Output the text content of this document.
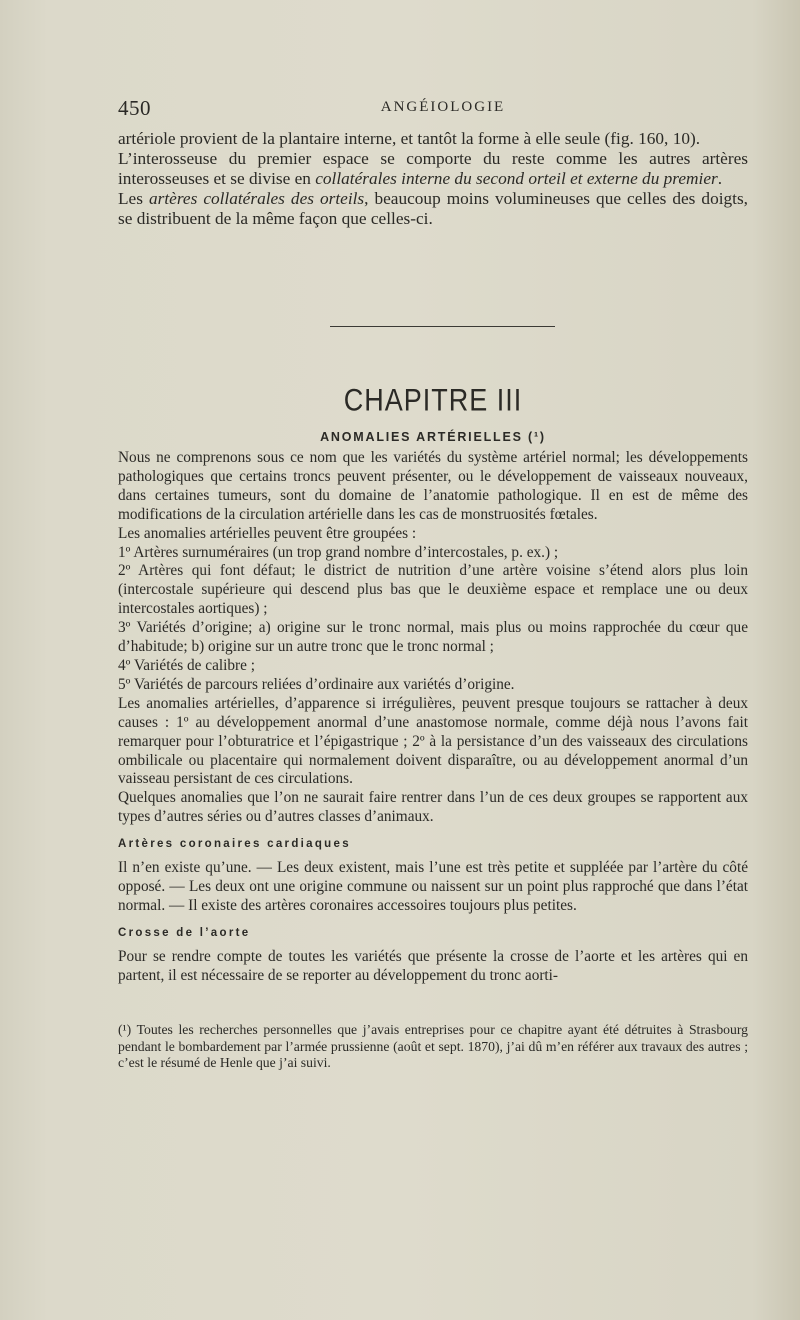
450	ANGÉIOLOGIE

artériole provient de la plantaire interne, et tantôt la forme à elle seule (fig. 160, 10).

L’interosseuse du premier espace se comporte du reste comme les autres artères interosseuses et se divise en collatérales interne du second orteil et externe du premier.

Les artères collatérales des orteils, beaucoup moins volumineuses que celles des doigts, se distribuent de la même façon que celles-ci.

CHAPITRE III
ANOMALIES ARTÉRIELLES (¹)

Nous ne comprenons sous ce nom que les variétés du système artériel normal; les développements pathologiques que certains troncs peuvent présenter, ou le développement de vaisseaux nouveaux, dans certaines tumeurs, sont du domaine de l’anatomie pathologique. Il en est de même des modifications de la circulation artérielle dans les cas de monstruosités fœtales.

Les anomalies artérielles peuvent être groupées :

1º Artères surnuméraires (un trop grand nombre d’intercostales, p. ex.) ;

2º Artères qui font défaut; le district de nutrition d’une artère voisine s’étend alors plus loin (intercostale supérieure qui descend plus bas que le deuxième espace et remplace une ou deux intercostales aortiques) ;

3º Variétés d’origine; a) origine sur le tronc normal, mais plus ou moins rapprochée du cœur que d’habitude; b) origine sur un autre tronc que le tronc normal ;

4º Variétés de calibre ;

5º Variétés de parcours reliées d’ordinaire aux variétés d’origine.

Les anomalies artérielles, d’apparence si irrégulières, peuvent presque toujours se rattacher à deux causes : 1º au développement anormal d’une anastomose normale, comme déjà nous l’avons fait remarquer pour l’obturatrice et l’épigastrique ; 2º à la persistance d’un des vaisseaux des circulations ombilicale ou placentaire qui normalement doivent disparaître, ou au développement anormal d’un vaisseau persistant de ces circulations.

Quelques anomalies que l’on ne saurait faire rentrer dans l’un de ces deux groupes se rapportent aux types d’autres séries ou d’autres classes d’animaux.

Artères coronaires cardiaques

Il n’en existe qu’une. — Les deux existent, mais l’une est très petite et suppléée par l’artère du côté opposé. — Les deux ont une origine commune ou naissent sur un point plus rapproché que dans l’état normal. — Il existe des artères coronaires accessoires toujours plus petites.

Crosse de l’aorte

Pour se rendre compte de toutes les variétés que présente la crosse de l’aorte et les artères qui en partent, il est nécessaire de se reporter au développement du tronc aorti-

(¹) Toutes les recherches personnelles que j’avais entreprises pour ce chapitre ayant été détruites à Strasbourg pendant le bombardement par l’armée prussienne (août et sept. 1870), j’ai dû m’en référer aux travaux des autres ; c’est le résumé de Henle que j’ai suivi.
